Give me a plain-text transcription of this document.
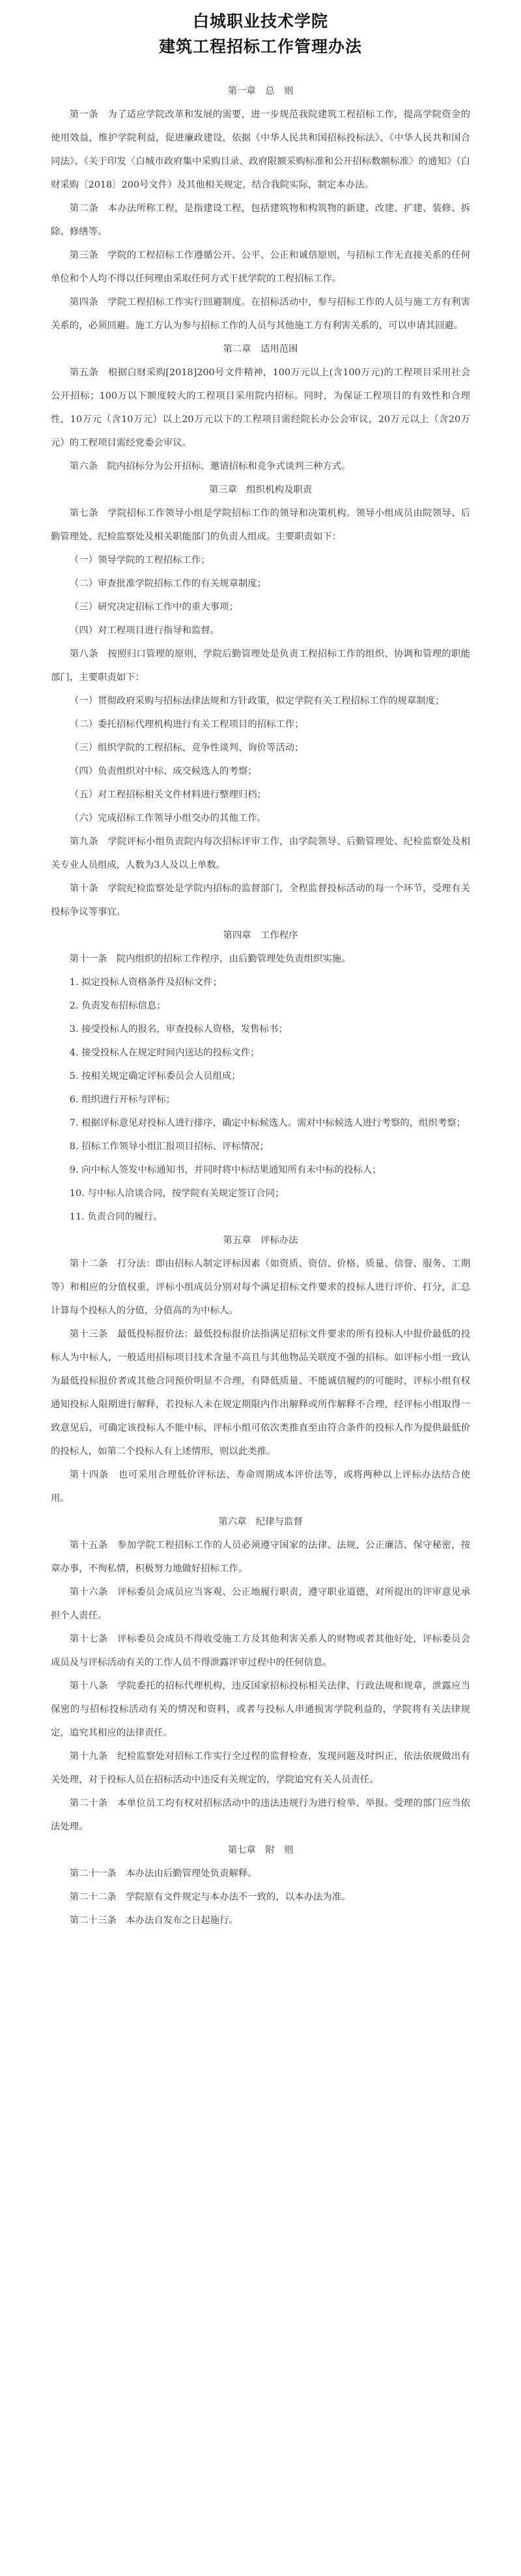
白城职业技术学院
建筑工程招标工作管理办法

第一章　总　则

第一条　为了适应学院改革和发展的需要，进一步规范我院建筑工程招标工作，提高学院资金的使用效益，维护学院利益，促进廉政建设，依据《中华人民共和国招标投标法》、《中华人民共和国合同法》、《关于印发〈白城市政府集中采购目录、政府限额采购标准和公开招标数额标准〉的通知》（白财采购〔2018〕200号文件）及其他相关规定，结合我院实际，制定本办法。

第二条　本办法所称工程，是指建设工程，包括建筑物和构筑物的新建、改建、扩建、装修、拆除、修缮等。

第三条　学院的工程招标工作遵循公开、公平、公正和诚信原则，与招标工作无直接关系的任何单位和个人均不得以任何理由采取任何方式干扰学院的工程招标工作。

第四条　学院工程招标工作实行回避制度。在招标活动中，参与招标工作的人员与施工方有利害关系的，必须回避。施工方认为参与招标工作的人员与其他施工方有利害关系的，可以申请其回避。

第二章　适用范围

第五条　根据白财采购[2018]200号文件精神，100万元以上(含100万元)的工程项目采用社会公开招标；100万以下额度较大的工程项目采用院内招标。同时，为保证工程项目的有效性和合理性，10万元（含10万元）以上20万元以下的工程项目需经院长办公会审议，20万元以上（含20万元）的工程项目需经党委会审议。

第六条　院内招标分为公开招标、邀请招标和竞争式谈判三种方式。

第三章　组织机构及职责

第七条　学院招标工作领导小组是学院招标工作的领导和决策机构。领导小组成员由院领导、后勤管理处、纪检监察处及相关职能部门的负责人组成。主要职责如下：

（一）领导学院的工程招标工作；

（二）审查批准学院招标工作的有关规章制度；

（三）研究决定招标工作中的重大事项；

（四）对工程项目进行指导和监督。

第八条　按照归口管理的原则，学院后勤管理处是负责工程招标工作的组织、协调和管理的职能部门，主要职责如下：

（一）贯彻政府采购与招标法律法规和方针政策，拟定学院有关工程招标工作的规章制度；

（二）委托招标代理机构进行有关工程项目的招标工作；

（三）组织学院的工程招标、竞争性谈判、询价等活动；

（四）负责组织对中标、成交候选人的考察；

（五）对工程招标相关文件材料进行整理归档；

（六）完成招标工作领导小组交办的其他工作。

第九条　学院评标小组负责院内每次招标评审工作，由学院领导、后勤管理处、纪检监察处及相关专业人员组成，人数为3人及以上单数。

第十条　学院纪检监察处是学院内招标的监督部门，全程监督投标活动的每一个环节，受理有关投标争议等事宜。

第四章　工作程序

第十一条　院内组织的招标工作程序，由后勤管理处负责组织实施。

1. 拟定投标人资格条件及招标文件；

2. 负责发布招标信息；

3. 接受投标人的报名，审查投标人资格，发售标书；

4. 接受投标人在规定时间内送达的投标文件；

5. 按相关规定确定评标委员会人员组成；

6. 组织进行开标与评标；

7. 根据评标意见对投标人进行排序，确定中标候选人。需对中标候选人进行考察的，组织考察；

8. 招标工作领导小组汇报项目招标、评标情况；

9. 向中标人签发中标通知书，并同时将中标结果通知所有未中标的投标人；

10. 与中标人洽谈合同，按学院有关规定签订合同；

11. 负责合同的履行。

第五章　评标办法

第十二条　打分法：即由招标人制定评标因素（如资质、资信、价格、质量、信誉、服务、工期等）和相应的分值权重，评标小组成员分别对每个满足招标文件要求的投标人进行评价、打分，汇总计算每个投标人的分值，分值高的为中标人。

第十三条　最低投标报价法：最低投标报价法指满足招标文件要求的所有投标人中报价最低的投标人为中标人，一般适用招标项目技术含量不高且与其他物品关联度不强的招标。如评标小组一致认为最低投标报价者或其他合同预价明显不合理，有降低质量、不能诚信履约的可能时，评标小组有权通知投标人限期进行解释，若投标人未在规定期限内作出解释或所作解释不合理，经评标小组取得一致意见后，可确定该投标人不能中标，评标小组可依次类推直至由符合条件的投标人作为提供最低价的投标人，如第二个投标人有上述情形，则以此类推。

第十四条　也可采用合理低价评标法、寿命周期成本评价法等，或将两种以上评标办法结合使用。

第六章　纪律与监督

第十五条　参加学院工程招标工作的人员必须遵守国家的法律、法规，公正廉洁、保守秘密，按章办事，不徇私情，积极努力地做好招标工作。

第十六条　评标委员会成员应当客观、公正地履行职责，遵守职业道德，对所提出的评审意见承担个人责任。

第十七条　评标委员会成员不得收受施工方及其他利害关系人的财物或者其他好处，评标委员会成员及与评标活动有关的工作人员不得泄露评审过程中的任何信息。

第十八条　学院委托的招标代理机构，违反国家招标投标相关法律、行政法规和规章，泄露应当保密的与招标投标活动有关的情况和资料，或者与投标人串通损害学院利益的，学院将有关法律规定，追究其相应的法律责任。

第十九条　纪检监察处对招标工作实行全过程的监督检查，发现问题及时纠正，依法依规做出有关处理，对于投标人员在招标活动中违反有关规定的，学院追究有关人员责任。

第二十条　本单位员工均有权对招标活动中的违法违规行为进行检举、举报。受理的部门应当依法处理。

第七章　附　则

第二十一条　本办法由后勤管理处负责解释。

第二十二条　学院原有文件规定与本办法不一致的，以本办法为准。

第二十三条　本办法自发布之日起施行。
